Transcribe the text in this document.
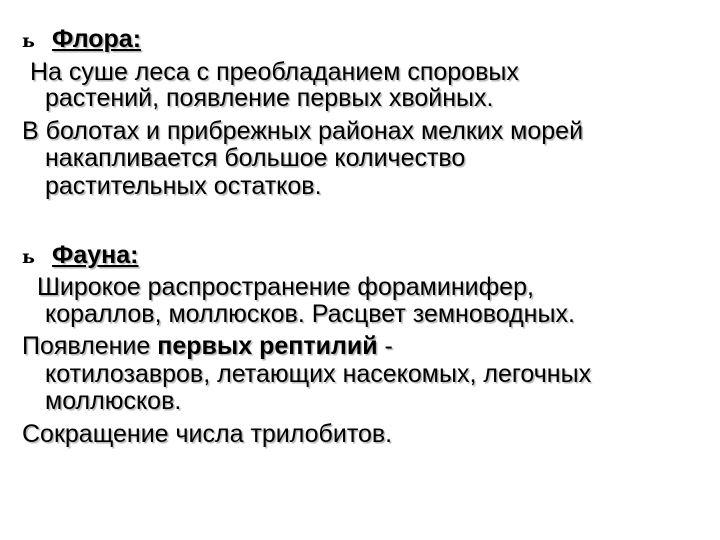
ь Флора:
На суше леса с преобладанием споровых
растений, появление первых хвойных.
В болотах и прибрежных районах мелких морей
накапливается большое количество
растительных остатков.
ь Фауна:
Широкое распространение фораминифер,
кораллов, моллюсков. Расцвет земноводных.
Появление первых рептилий -
котилозавров, летающих насекомых, легочных
моллюсков.
Сокращение числа трилобитов.
